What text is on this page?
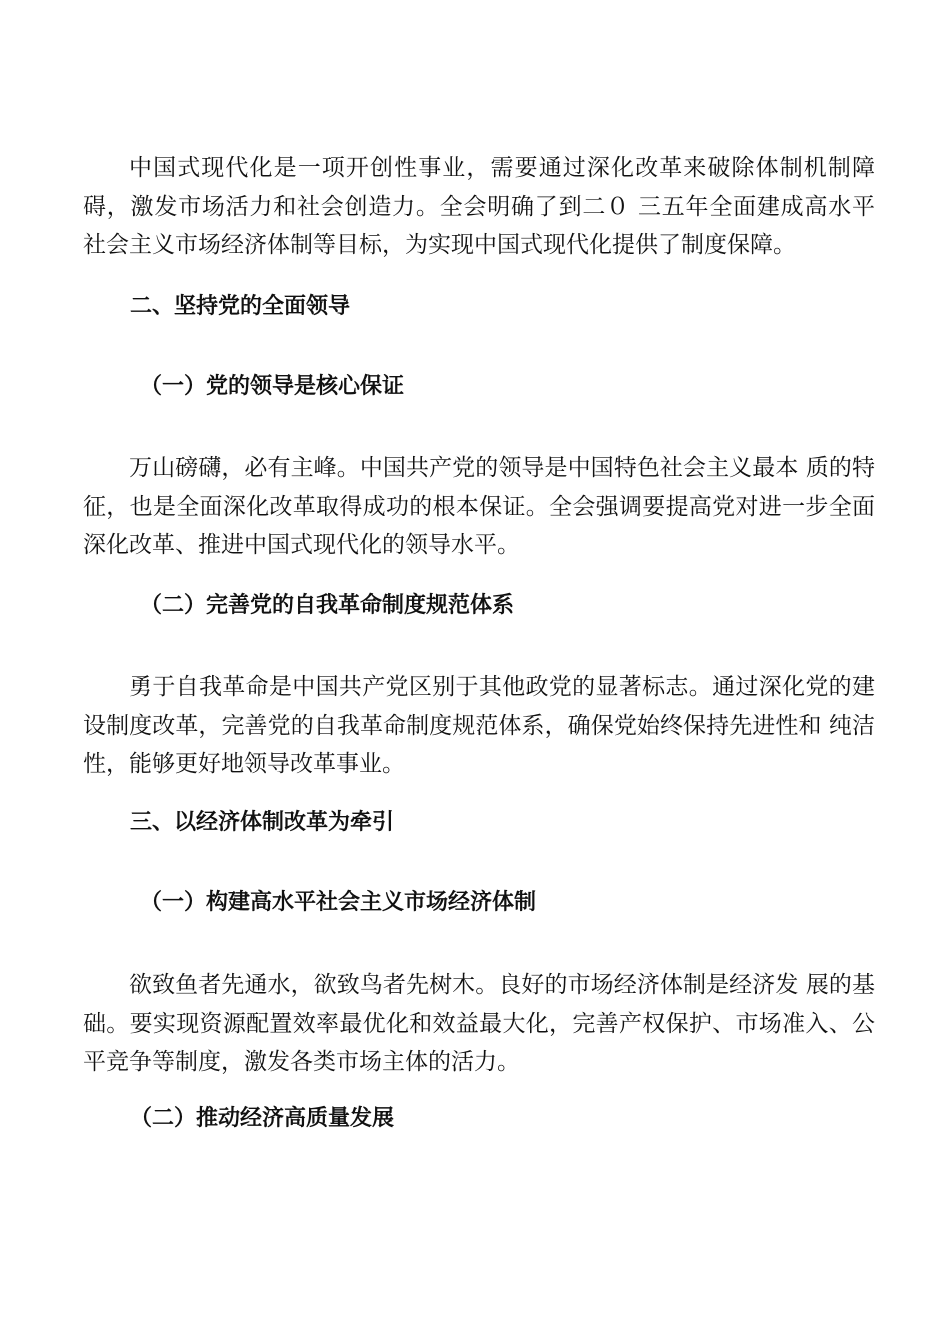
中国式现代化是一项开创性事业，需要通过深化改革来破除体制机制障碍，激发市场活力和社会创造力。全会明确了到二０ 三五年全面建成高水平 社会主义市场经济体制等目标，为实现中国式现代化提供了制度保障。

二、坚持党的全面领导
（一）党的领导是核心保证

万山磅礴，必有主峰。中国共产党的领导是中国特色社会主义最本 质的特征，也是全面深化改革取得成功的根本保证。全会强调要提高党对进一步全面深化改革、推进中国式现代化的领导水平。

（二）完善党的自我革命制度规范体系

勇于自我革命是中国共产党区别于其他政党的显著标志。通过深化党的建设制度改革，完善党的自我革命制度规范体系，确保党始终保持先进性和 纯洁性，能够更好地领导改革事业。

三、以经济体制改革为牵引
（一）构建高水平社会主义市场经济体制

欲致鱼者先通水，欲致鸟者先树木。良好的市场经济体制是经济发 展的基础。要实现资源配置效率最优化和效益最大化，完善产权保护、市场准入、公平竞争等制度，激发各类市场主体的活力。

（二）推动经济高质量发展
